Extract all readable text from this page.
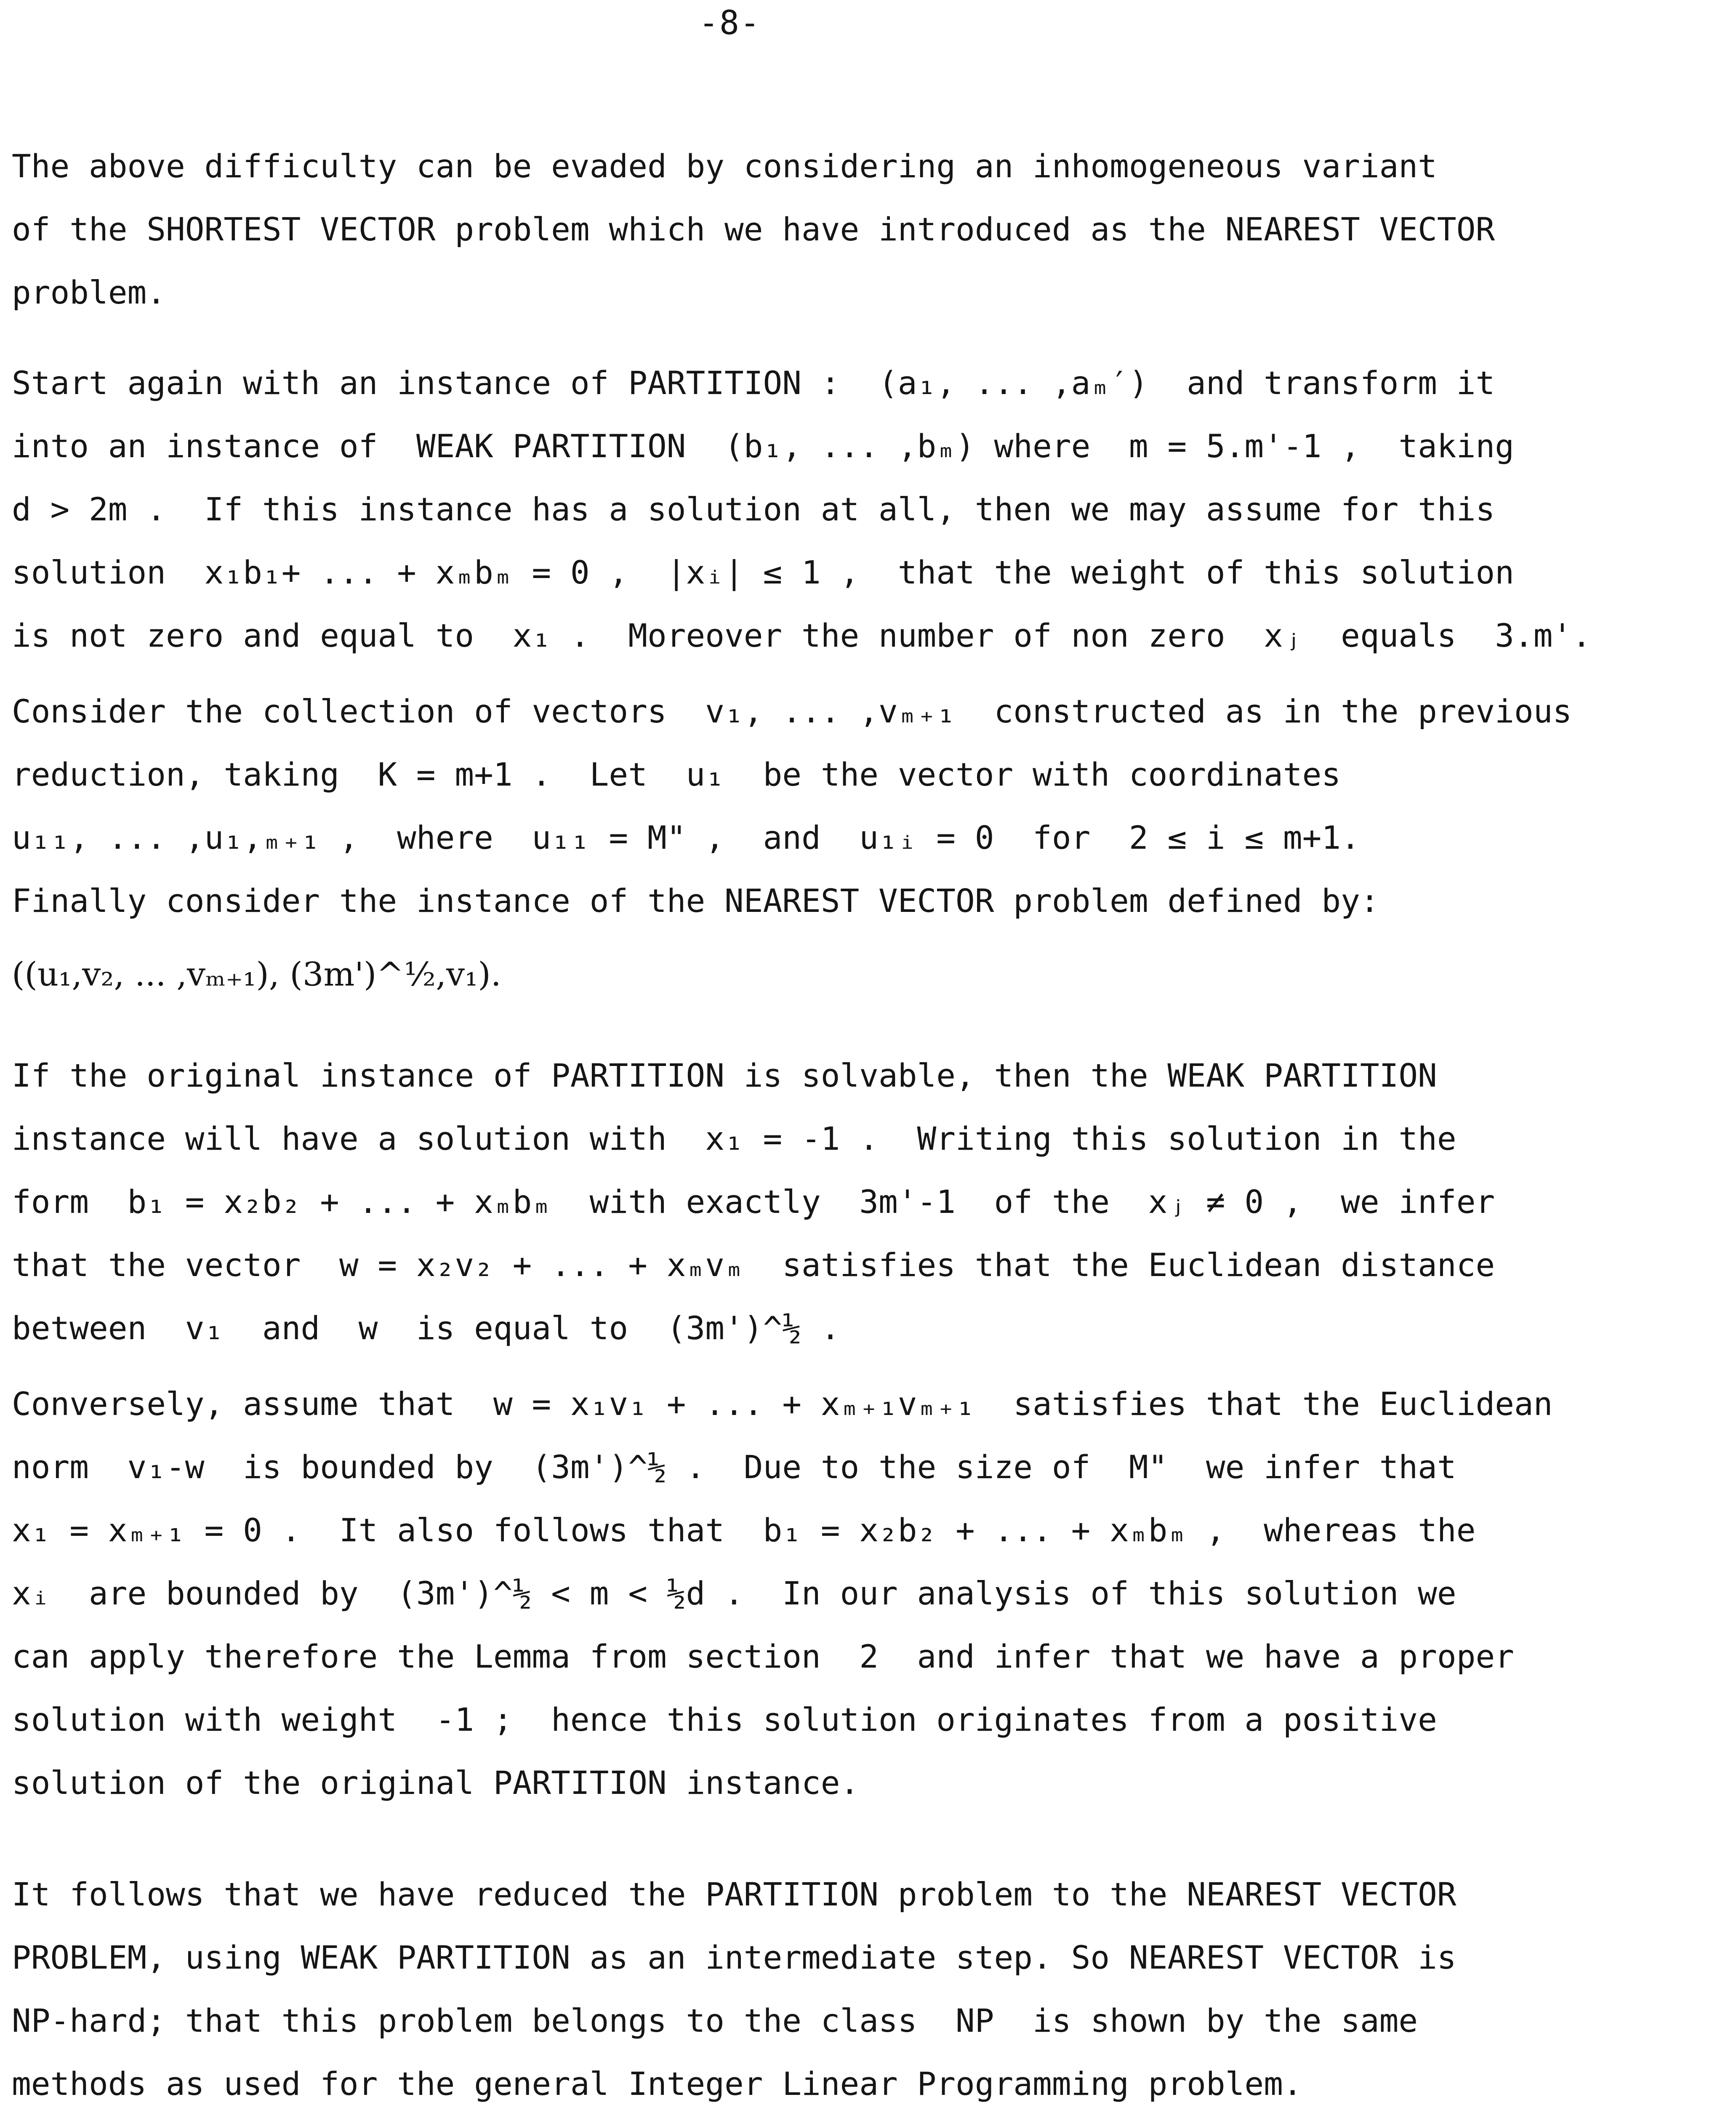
-8-
The above difficulty can be evaded by considering an inhomogeneous variant
of the SHORTEST VECTOR problem which we have introduced as the NEAREST VECTOR
problem.
Start again with an instance of PARTITION :  (a₁, ... ,aₘ′)  and transform it
into an instance of  WEAK PARTITION  (b₁, ... ,bₘ) where  m = 5.m'-1 ,  taking
d > 2m .  If this instance has a solution at all, then we may assume for this
solution  x₁b₁+ ... + xₘbₘ = 0 ,  |xᵢ| ≤ 1 ,  that the weight of this solution
is not zero and equal to  x₁ .  Moreover the number of non zero  xⱼ  equals  3.m'.
Consider the collection of vectors  v₁, ... ,vₘ₊₁  constructed as in the previous
reduction, taking  K = m+1 .  Let  u₁  be the vector with coordinates
u₁₁, ... ,u₁,ₘ₊₁ ,  where  u₁₁ = M" ,  and  u₁ᵢ = 0  for  2 ≤ i ≤ m+1.
Finally consider the instance of the NEAREST VECTOR problem defined by:
((u₁,v₂, ... ,vₘ₊₁), (3m')^½,v₁).
If the original instance of PARTITION is solvable, then the WEAK PARTITION
instance will have a solution with  x₁ = -1 .  Writing this solution in the
form  b₁ = x₂b₂ + ... + xₘbₘ  with exactly  3m'-1  of the  xⱼ ≠ 0 ,  we infer
that the vector  w = x₂v₂ + ... + xₘvₘ  satisfies that the Euclidean distance
between  v₁  and  w  is equal to  (3m')^½ .
Conversely, assume that  w = x₁v₁ + ... + xₘ₊₁vₘ₊₁  satisfies that the Euclidean
norm  v₁-w  is bounded by  (3m')^½ .  Due to the size of  M"  we infer that
x₁ = xₘ₊₁ = 0 .  It also follows that  b₁ = x₂b₂ + ... + xₘbₘ ,  whereas the
xᵢ  are bounded by  (3m')^½ < m < ½d .  In our analysis of this solution we
can apply therefore the Lemma from section  2  and infer that we have a proper
solution with weight  -1 ;  hence this solution originates from a positive
solution of the original PARTITION instance.
It follows that we have reduced the PARTITION problem to the NEAREST VECTOR
PROBLEM, using WEAK PARTITION as an intermediate step. So NEAREST VECTOR is
NP-hard; that this problem belongs to the class  NP  is shown by the same
methods as used for the general Integer Linear Programming problem.
